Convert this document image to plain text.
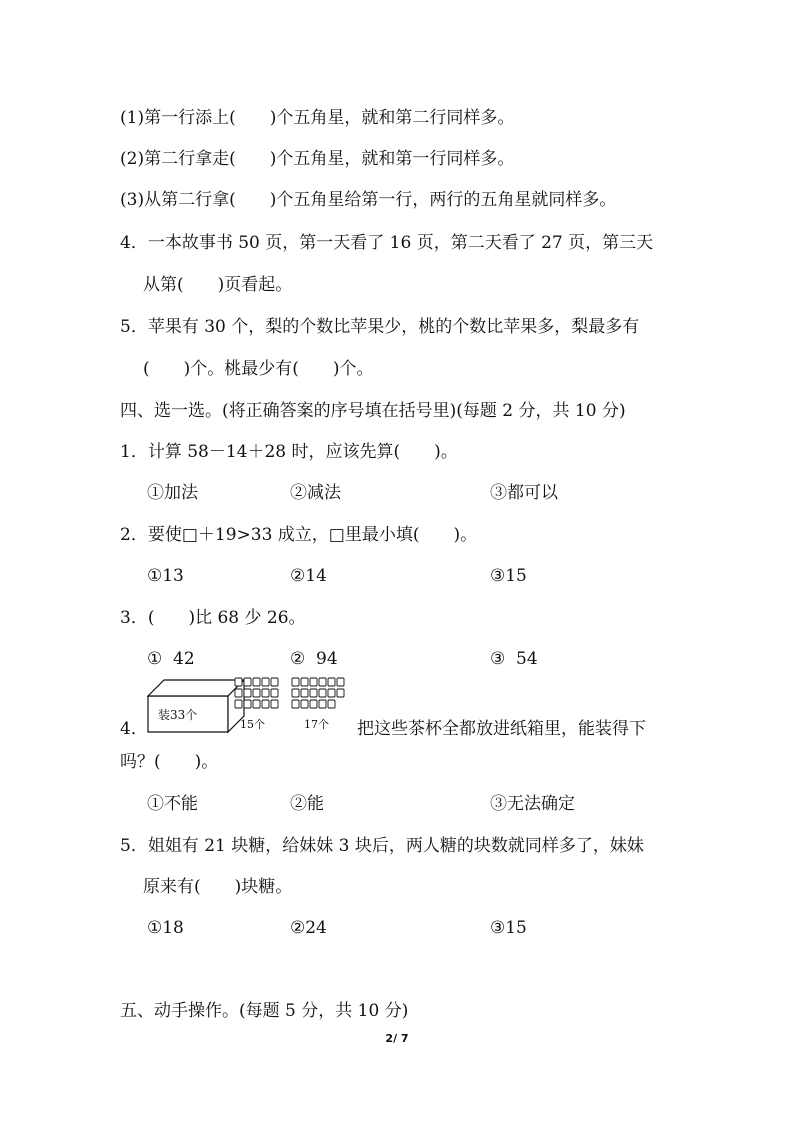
(1)第一行添上(　　)个五角星，就和第二行同样多。
(2)第二行拿走(　　)个五角星，就和第一行同样多。
(3)从第二行拿(　　)个五角星给第一行，两行的五角星就同样多。
4．一本故事书 50 页，第一天看了 16 页，第二天看了 27 页，第三天
从第(　　)页看起。
5．苹果有 30 个，梨的个数比苹果少，桃的个数比苹果多，梨最多有
(　　)个。桃最少有(　　)个。
四、选一选。(将正确答案的序号填在括号里)(每题 2 分，共 10 分)
1．计算 58－14＋28 时，应该先算(　　)。
①加法	②减法	③都可以
2．要使□＋19>33 成立，□里最小填(　　)。
①13	②14	③15
3．(　　)比 68 少 26。
①  42	②  94	③  54
4．
装33个
15个	17个 把这些茶杯全都放进纸箱里，能装得下
吗？(　　)。
①不能	②能	③无法确定
5．姐姐有 21 块糖，给妹妹 3 块后，两人糖的块数就同样多了，妹妹
原来有(　　)块糖。
①18	②24	③15
五、动手操作。(每题 5 分，共 10 分)
2/ 7
